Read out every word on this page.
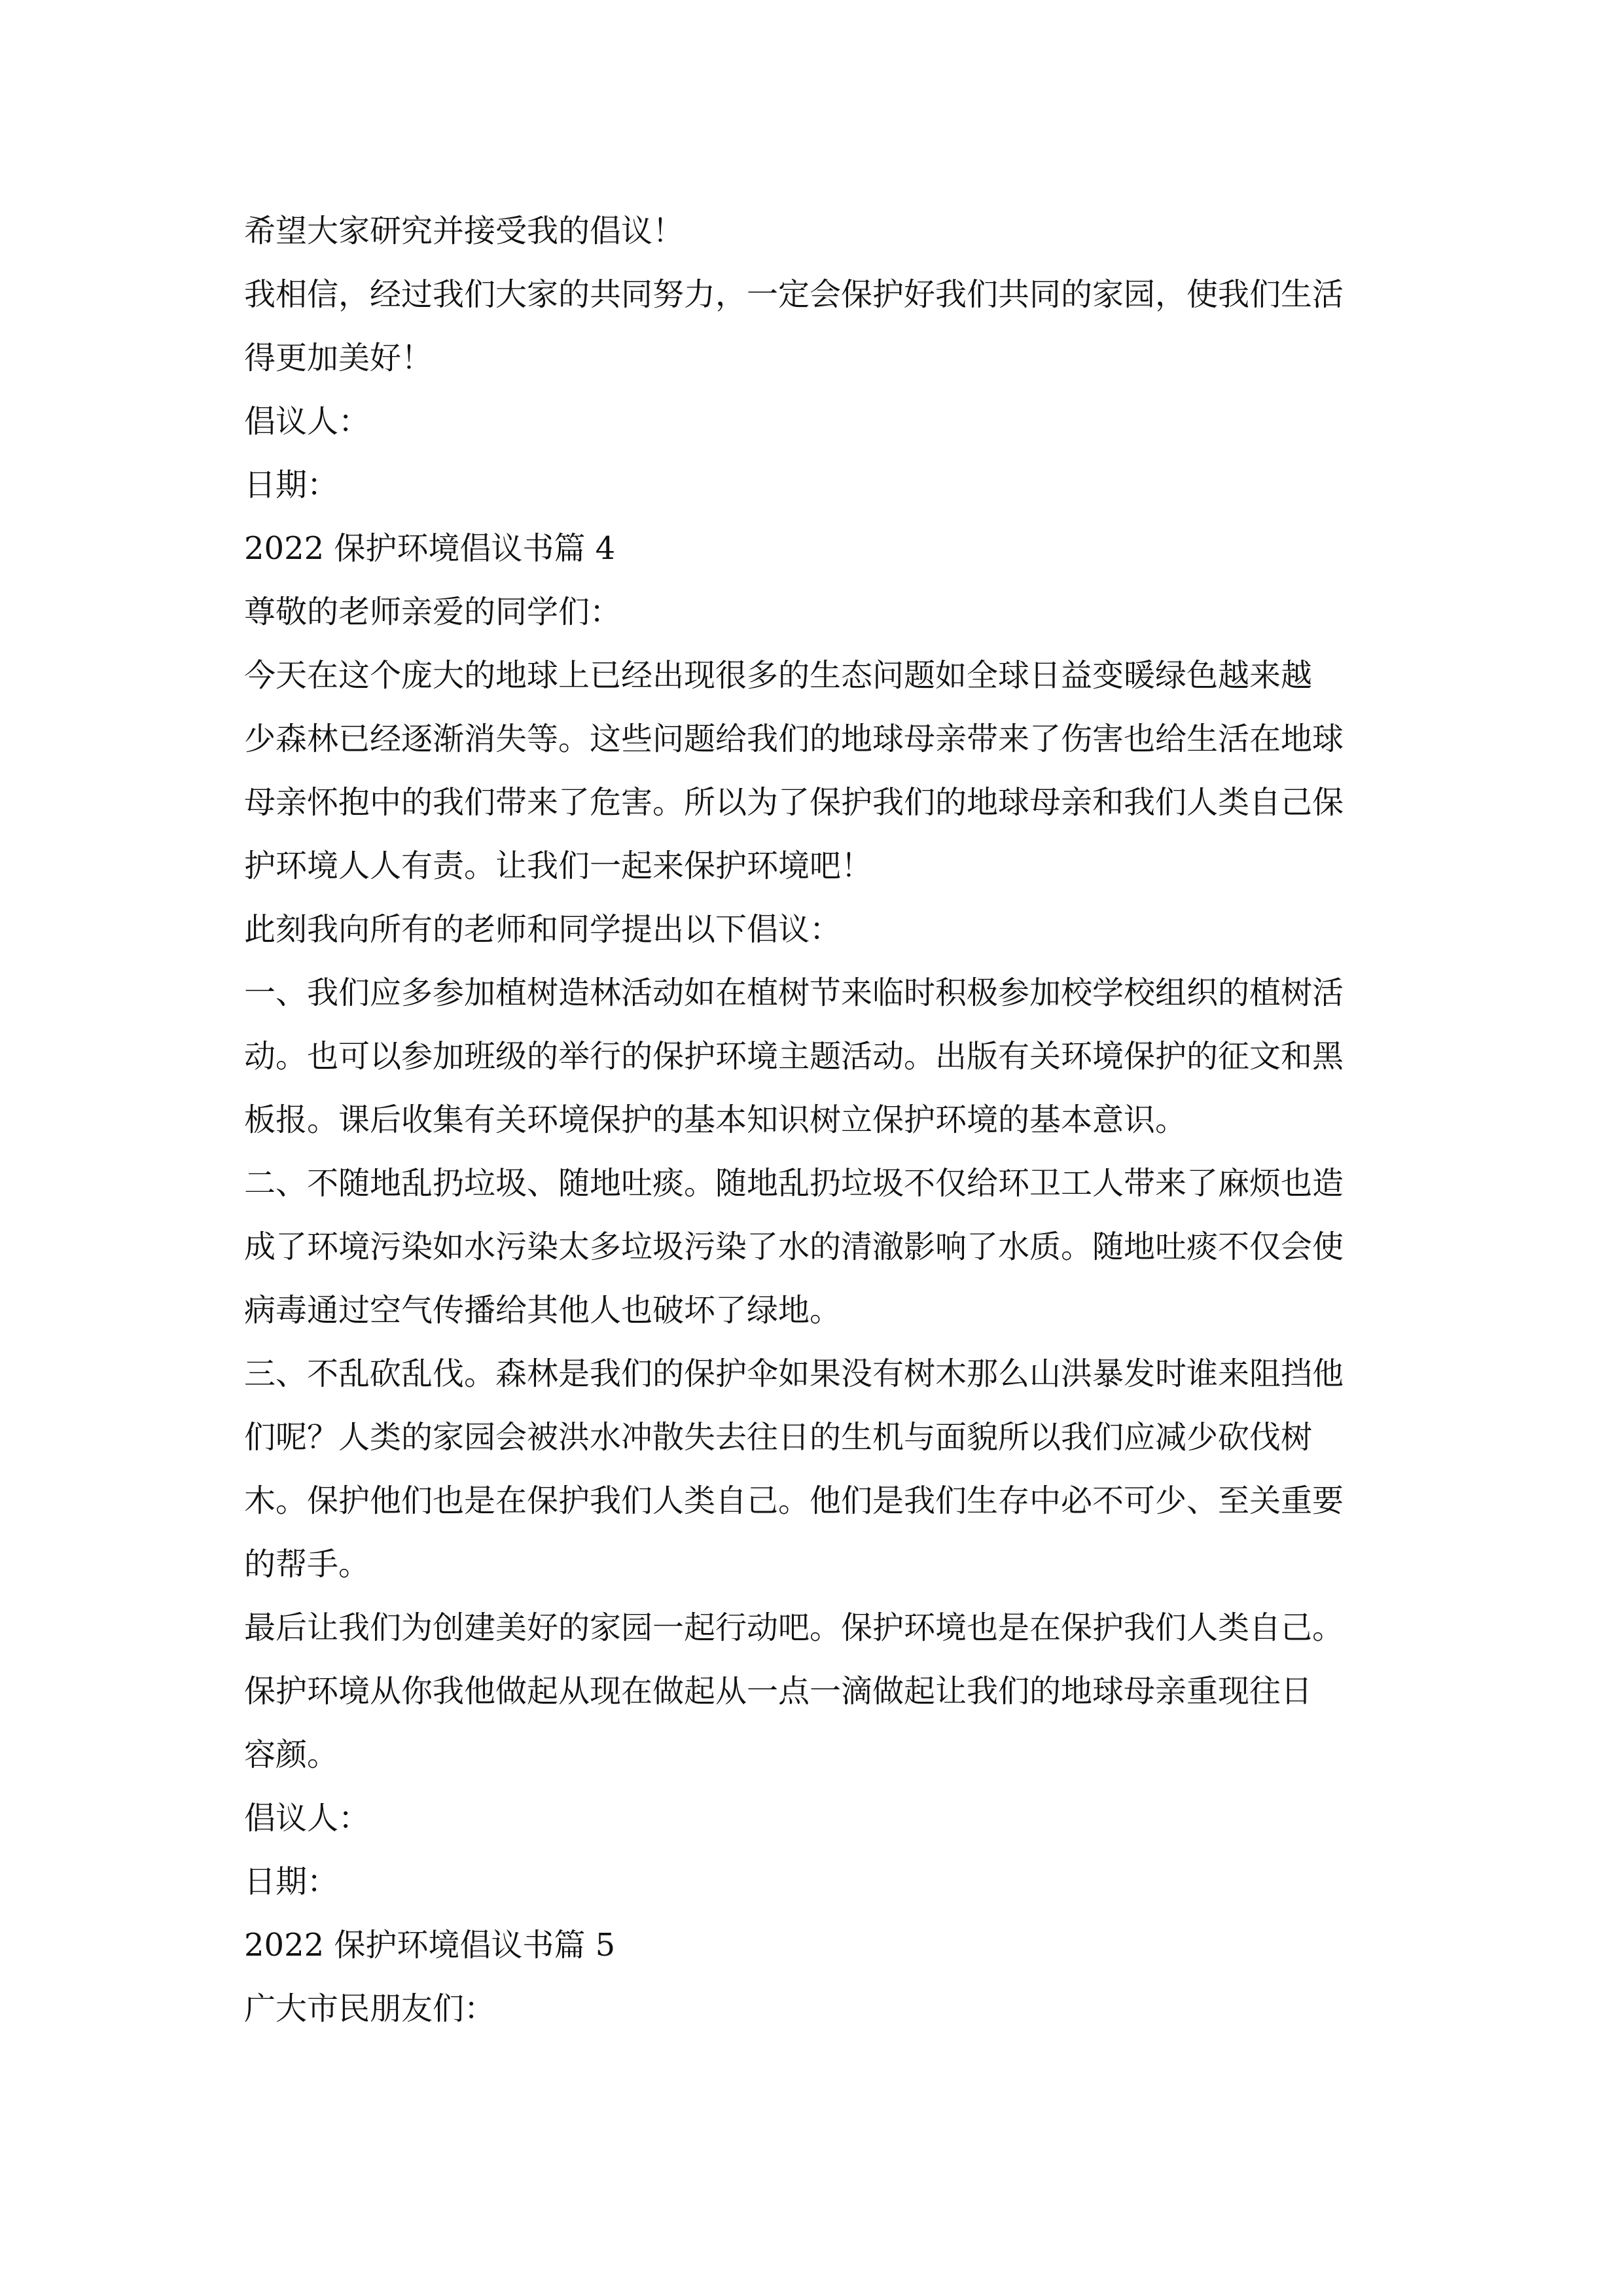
希望大家研究并接受我的倡议！
我相信，经过我们大家的共同努力，一定会保护好我们共同的家园，使我们生活
得更加美好！
倡议人：
日期：
2022 保护环境倡议书篇 4
尊敬的老师亲爱的同学们：
今天在这个庞大的地球上已经出现很多的生态问题如全球日益变暖绿色越来越
少森林已经逐渐消失等。这些问题给我们的地球母亲带来了伤害也给生活在地球
母亲怀抱中的我们带来了危害。所以为了保护我们的地球母亲和我们人类自己保
护环境人人有责。让我们一起来保护环境吧！
此刻我向所有的老师和同学提出以下倡议：
一、我们应多参加植树造林活动如在植树节来临时积极参加校学校组织的植树活
动。也可以参加班级的举行的保护环境主题活动。出版有关环境保护的征文和黑
板报。课后收集有关环境保护的基本知识树立保护环境的基本意识。
二、不随地乱扔垃圾、随地吐痰。随地乱扔垃圾不仅给环卫工人带来了麻烦也造
成了环境污染如水污染太多垃圾污染了水的清澈影响了水质。随地吐痰不仅会使
病毒通过空气传播给其他人也破坏了绿地。
三、不乱砍乱伐。森林是我们的保护伞如果没有树木那么山洪暴发时谁来阻挡他
们呢？人类的家园会被洪水冲散失去往日的生机与面貌所以我们应减少砍伐树
木。保护他们也是在保护我们人类自己。他们是我们生存中必不可少、至关重要
的帮手。
最后让我们为创建美好的家园一起行动吧。保护环境也是在保护我们人类自己。
保护环境从你我他做起从现在做起从一点一滴做起让我们的地球母亲重现往日
容颜。
倡议人：
日期：
2022 保护环境倡议书篇 5
广大市民朋友们：
